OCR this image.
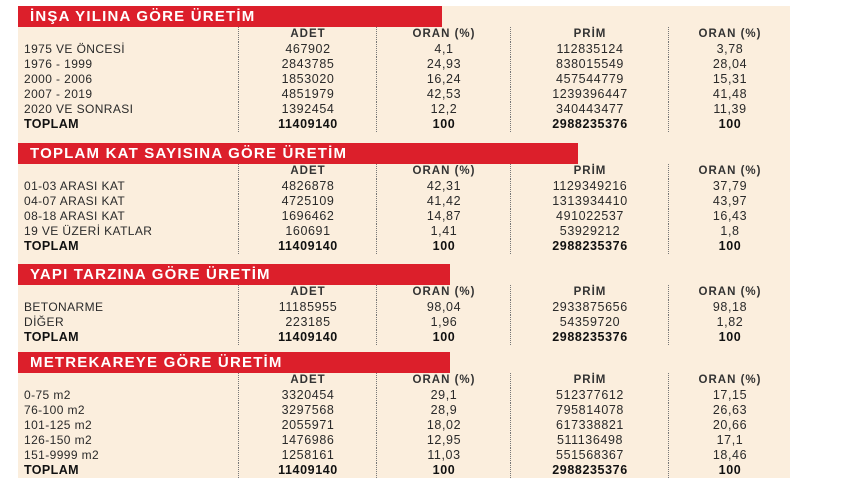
İNŞA YILINA GÖRE ÜRETİM
ADET	ORAN (%)	PRİM	ORAN (%)
1975 VE ÖNCESİ	467902	4,1	112835124	3,78
1976 - 1999	2843785	24,93	838015549	28,04
2000 - 2006	1853020	16,24	457544779	15,31
2007 - 2019	4851979	42,53	1239396447	41,48
2020 VE SONRASI	1392454	12,2	340443477	11,39
TOPLAM	11409140	100	2988235376	100
TOPLAM KAT SAYISINA GÖRE ÜRETİM
ADET	ORAN (%)	PRİM	ORAN (%)
01-03 ARASI KAT	4826878	42,31	1129349216	37,79
04-07 ARASI KAT	4725109	41,42	1313934410	43,97
08-18 ARASI KAT	1696462	14,87	491022537	16,43
19 VE ÜZERİ KATLAR	160691	1,41	53929212	1,8
TOPLAM	11409140	100	2988235376	100
YAPI TARZINA GÖRE ÜRETİM
ADET	ORAN (%)	PRİM	ORAN (%)
BETONARME	11185955	98,04	2933875656	98,18
DİĞER	223185	1,96	54359720	1,82
TOPLAM	11409140	100	2988235376	100
METREKAREYE GÖRE ÜRETİM
ADET	ORAN (%)	PRİM	ORAN (%)
0-75 m2	3320454	29,1	512377612	17,15
76-100 m2	3297568	28,9	795814078	26,63
101-125 m2	2055971	18,02	617338821	20,66
126-150 m2	1476986	12,95	511136498	17,1
151-9999 m2	1258161	11,03	551568367	18,46
TOPLAM	11409140	100	2988235376	100
